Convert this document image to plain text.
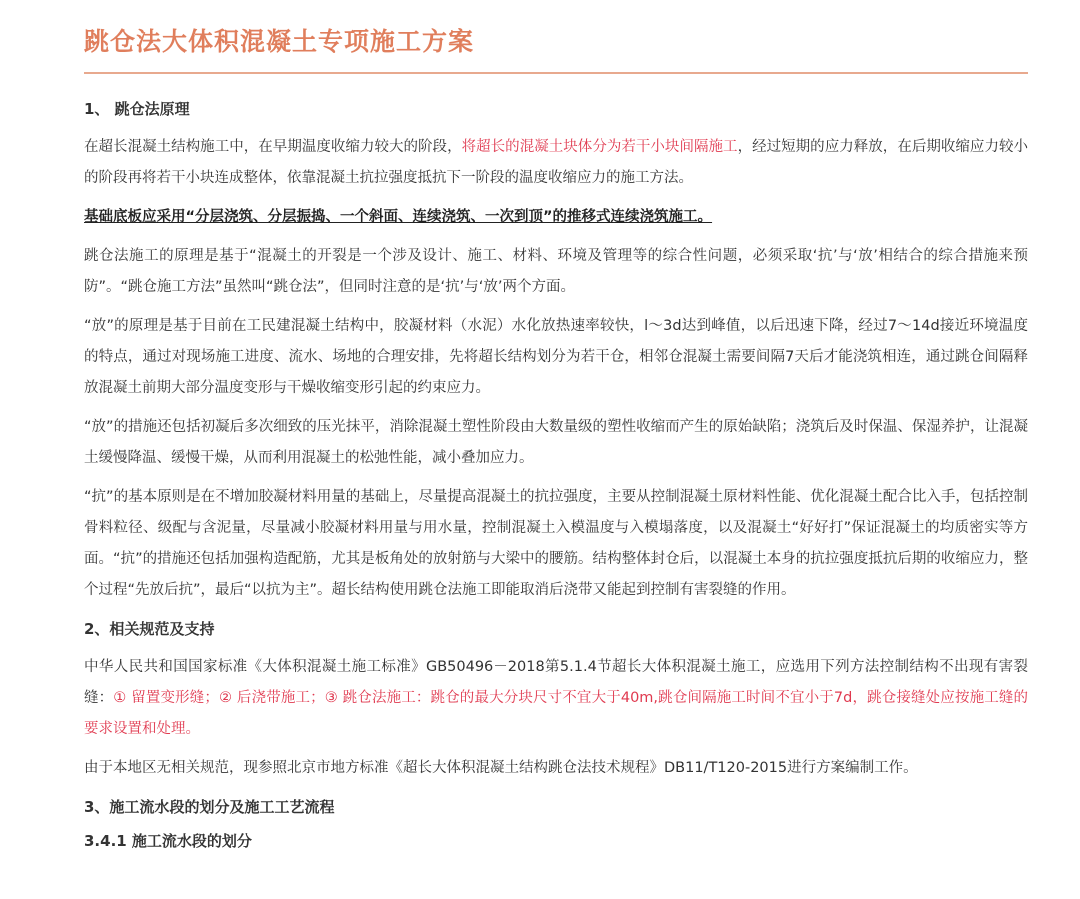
跳仓法大体积混凝土专项施工方案

1、 跳仓法原理

在超长混凝土结构施工中，在早期温度收缩力较大的阶段，将超长的混凝土块体分为若干小块间隔施工，经过短期的应力释放，在后期收缩应力较小的阶段再将若干小块连成整体，依靠混凝土抗拉强度抵抗下一阶段的温度收缩应力的施工方法。

基础底板应采用“分层浇筑、分层振捣、一个斜面、连续浇筑、一次到顶”的推移式连续浇筑施工。

跳仓法施工的原理是基于“混凝土的开裂是一个涉及设计、施工、材料、环境及管理等的综合性问题，必须采取‘抗’与‘放’相结合的综合措施来预防”。“跳仓施工方法”虽然叫“跳仓法”，但同时注意的是‘抗’与‘放’两个方面。

“放”的原理是基于目前在工民建混凝土结构中，胶凝材料（水泥）水化放热速率较快，l～3d达到峰值，以后迅速下降，经过7～14d接近环境温度的特点，通过对现场施工进度、流水、场地的合理安排，先将超长结构划分为若干仓，相邻仓混凝土需要间隔7天后才能浇筑相连，通过跳仓间隔释放混凝土前期大部分温度变形与干燥收缩变形引起的约束应力。

“放”的措施还包括初凝后多次细致的压光抹平，消除混凝土塑性阶段由大数量级的塑性收缩而产生的原始缺陷；浇筑后及时保温、保湿养护，让混凝土缓慢降温、缓慢干燥，从而利用混凝土的松弛性能，减小叠加应力。

“抗”的基本原则是在不增加胶凝材料用量的基础上，尽量提高混凝土的抗拉强度，主要从控制混凝土原材料性能、优化混凝土配合比入手，包括控制骨料粒径、级配与含泥量，尽量减小胶凝材料用量与用水量，控制混凝土入模温度与入模塌落度，以及混凝土“好好打”保证混凝土的均质密实等方面。“抗”的措施还包括加强构造配筋，尤其是板角处的放射筋与大梁中的腰筋。结构整体封仓后，以混凝土本身的抗拉强度抵抗后期的收缩应力，整个过程“先放后抗”，最后“以抗为主”。超长结构使用跳仓法施工即能取消后浇带又能起到控制有害裂缝的作用。

2、相关规范及支持

中华人民共和国国家标准《大体积混凝土施工标准》GB50496－2018第5.1.4节超长大体积混凝土施工，应选用下列方法控制结构不出现有害裂缝：① 留置变形缝；② 后浇带施工；③ 跳仓法施工：跳仓的最大分块尺寸不宜大于40m,跳仓间隔施工时间不宜小于7d，跳仓接缝处应按施工缝的要求设置和处理。

由于本地区无相关规范，现参照北京市地方标准《超长大体积混凝土结构跳仓法技术规程》DB11/T120-2015进行方案编制工作。

3、施工流水段的划分及施工工艺流程

3.4.1 施工流水段的划分
